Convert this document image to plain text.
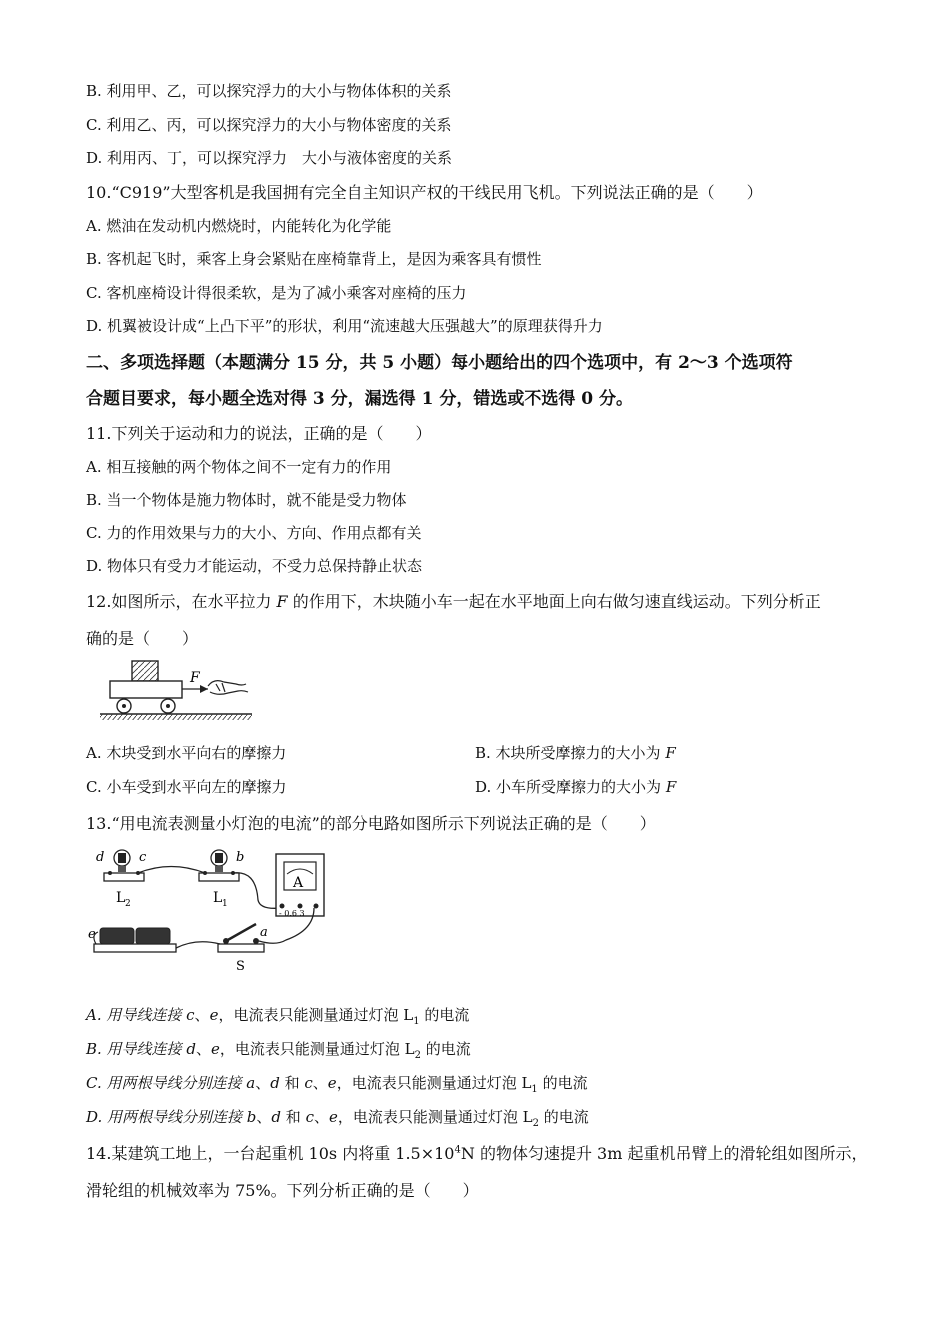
B. 利用甲、乙，可以探究浮力的大小与物体体积的关系
C. 利用乙、丙，可以探究浮力的大小与物体密度的关系
D. 利用丙、丁，可以探究浮力　大小与液体密度的关系
10.“C919”大型客机是我国拥有完全自主知识产权的干线民用飞机。下列说法正确的是（　　）
A. 燃油在发动机内燃烧时，内能转化为化学能
B. 客机起飞时，乘客上身会紧贴在座椅靠背上，是因为乘客具有惯性
C. 客机座椅设计得很柔软，是为了减小乘客对座椅的压力
D. 机翼被设计成“上凸下平”的形状，利用“流速越大压强越大”的原理获得升力
二、多项选择题（本题满分 15 分，共 5 小题）每小题给出的四个选项中，有 2～3 个选项符
合题目要求，每小题全选对得 3 分，漏选得 1 分，错选或不选得 0 分。
11.下列关于运动和力的说法，正确的是（　　）
A. 相互接触的两个物体之间不一定有力的作用
B. 当一个物体是施力物体时，就不能是受力物体
C. 力的作用效果与力的大小、方向、作用点都有关
D. 物体只有受力才能运动，不受力总保持静止状态
12.如图所示，在水平拉力 F 的作用下，木块随小车一起在水平地面上向右做匀速直线运动。下列分析正
确的是（　　）
F
A. 木块受到水平向右的摩擦力	B. 木块所受摩擦力的大小为 F
C. 小车受到水平向左的摩擦力	D. 小车所受摩擦力的大小为 F
13.“用电流表测量小灯泡的电流”的部分电路如图所示下列说法正确的是（　　）
d	c
L 2
b
L 1
A
- 0.6 3
e	a
S
A. 用导线连接 c、e，电流表只能测量通过灯泡 $L_1$ 的电流
B. 用导线连接 d、e，电流表只能测量通过灯泡 $L_2$ 的电流
C. 用两根导线分别连接 a、d 和 c、e，电流表只能测量通过灯泡 $L_1$ 的电流
D. 用两根导线分别连接 b、d 和 c、e，电流表只能测量通过灯泡 $L_2$ 的电流
14.某建筑工地上，一台起重机 10s 内将重 $1.5\times 10^4N$ 的物体匀速提升 3m 起重机吊臂上的滑轮组如图所示，
滑轮组的机械效率为 75%。下列分析正确的是（　　）
